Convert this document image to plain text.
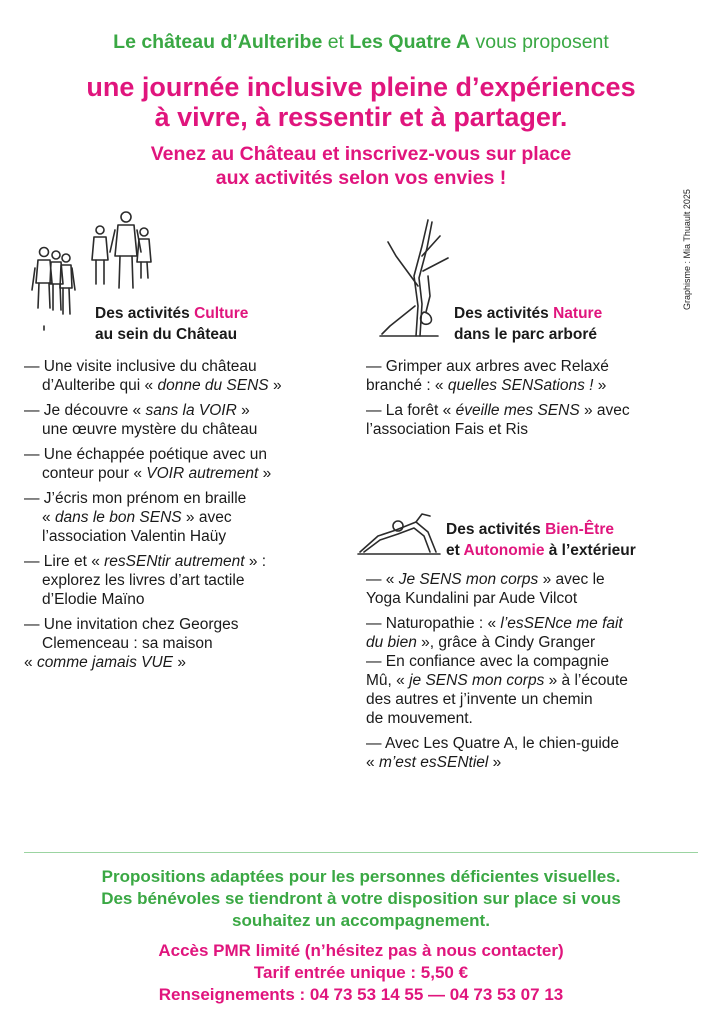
Le château d’Aulteribe et Les Quatre A vous proposent
une journée inclusive pleine d’expériences
à vivre, à ressentir et à partager.
Venez au Château et inscrivez-vous sur place
aux activités selon vos envies !
Graphisme : Mia Thuault 2025
Des activités Culture
au sein du Château
— Une visite inclusive du château
d’Aulteribe qui « donne du SENS »
— Je découvre « sans la VOIR »
une œuvre mystère du château
— Une échappée poétique avec un
conteur pour « VOIR autrement »
— J’écris mon prénom en braille
« dans le bon SENS » avec
l’association Valentin Haüy
— Lire et « resSENtir autrement » :
explorez les livres d’art tactile
d’Elodie Maïno
— Une invitation chez Georges
Clemenceau : sa maison
« comme jamais VUE »
Des activités Nature
dans le parc arboré
— Grimper aux arbres avec Relaxé
branché : « quelles SENSations ! »
— La forêt « éveille mes SENS » avec
l’association Fais et Ris
Des activités Bien-Être
et Autonomie à l’extérieur
— « Je SENS mon corps » avec le
Yoga Kundalini par Aude Vilcot
— Naturopathie : « l’esSENce me fait
du bien », grâce à Cindy Granger
— En confiance avec la compagnie
Mû, « je SENS mon corps » à l’écoute
des autres et j’invente un chemin
de mouvement.
— Avec Les Quatre A, le chien-guide
« m’est esSENtiel »
Propositions adaptées pour les personnes déficientes visuelles.
Des bénévoles se tiendront à votre disposition sur place si vous
souhaitez un accompagnement.
Accès PMR limité (n’hésitez pas à nous contacter)
Tarif entrée unique : 5,50 €
Renseignements : 04 73 53 14 55 — 04 73 53 07 13
